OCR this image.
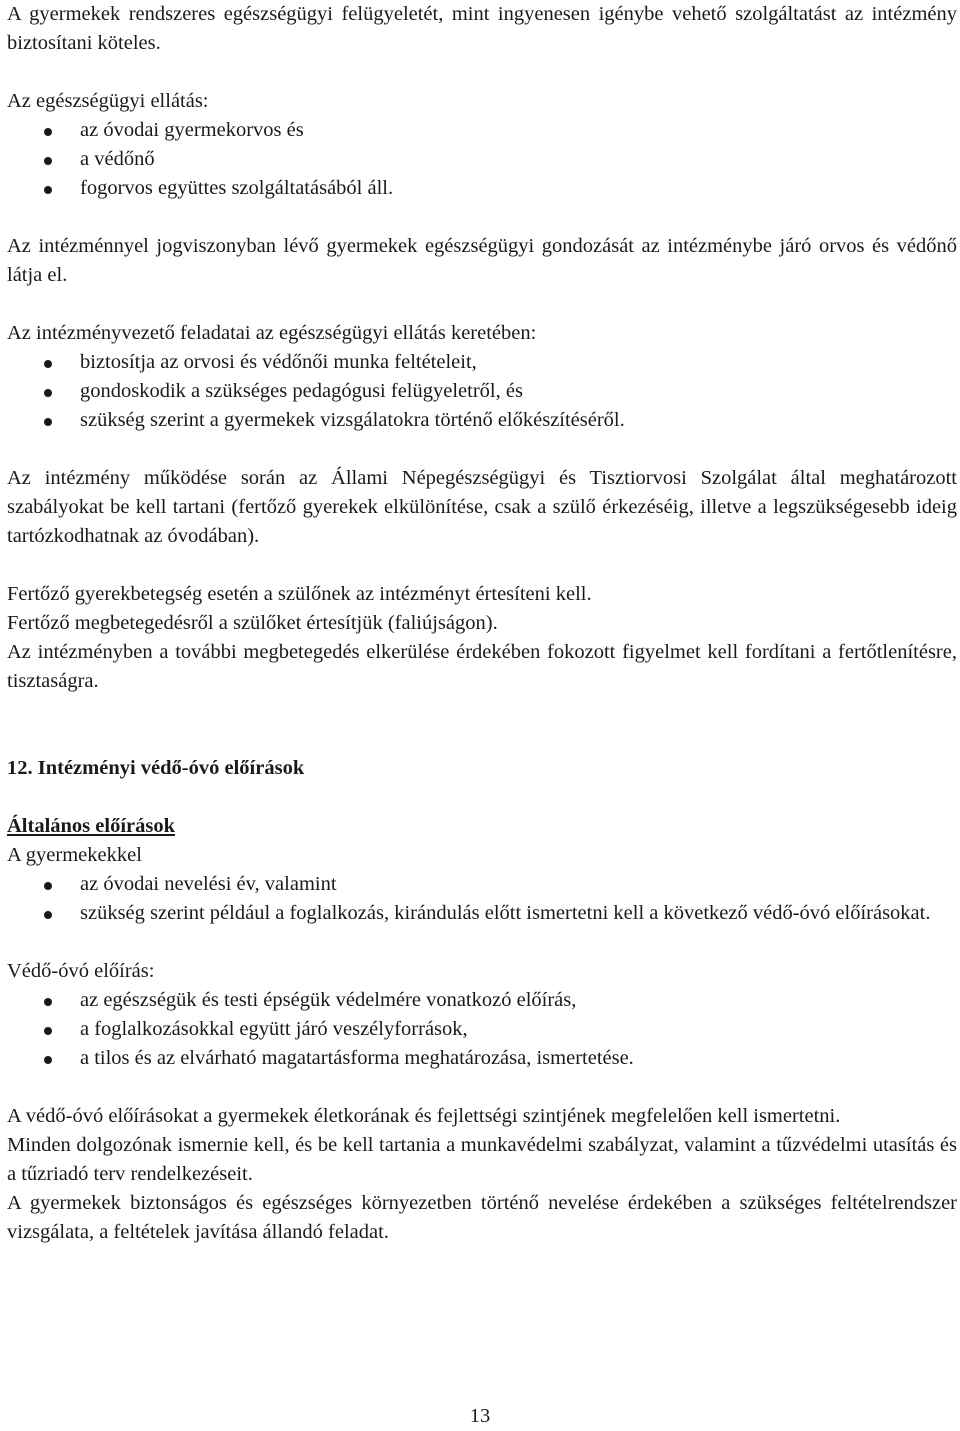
A gyermekek rendszeres egészségügyi felügyeletét, mint ingyenesen igénybe vehető szolgáltatást az intézmény biztosítani köteles.

Az egészségügyi ellátás:

az óvodai gyermekorvos és
a védőnő
fogorvos együttes szolgáltatásából áll.

Az intézménnyel jogviszonyban lévő gyermekek egészségügyi gondozását az intézménybe járó orvos és védőnő látja el.

Az intézményvezető feladatai az egészségügyi ellátás keretében:

biztosítja az orvosi és védőnői munka feltételeit,
gondoskodik a szükséges pedagógusi felügyeletről, és
szükség szerint a gyermekek vizsgálatokra történő előkészítéséről.

Az intézmény működése során az Állami Népegészségügyi és Tisztiorvosi Szolgálat által meghatározott szabályokat be kell tartani (fertőző gyerekek elkülönítése, csak a szülő érkezéséig, illetve a legszükségesebb ideig tartózkodhatnak az óvodában).

Fertőző gyerekbetegség esetén a szülőnek az intézményt értesíteni kell.

Fertőző megbetegedésről a szülőket értesítjük (faliújságon).

Az intézményben a további megbetegedés elkerülése érdekében fokozott figyelmet kell fordítani a fertőtlenítésre, tisztaságra.

12. Intézményi védő-óvó előírások

Általános előírások

A gyermekekkel

az óvodai nevelési év, valamint
szükség szerint például a foglalkozás, kirándulás előtt ismertetni kell a következő védő-óvó előírásokat.

Védő-óvó előírás:

az egészségük és testi épségük védelmére vonatkozó előírás,
a foglalkozásokkal együtt járó veszélyforrások,
a tilos és az elvárható magatartásforma meghatározása, ismertetése.

A védő-óvó előírásokat a gyermekek életkorának és fejlettségi szintjének megfelelően kell ismertetni.

Minden dolgozónak ismernie kell, és be kell tartania a munkavédelmi szabályzat, valamint a tűzvédelmi utasítás és a tűzriadó terv rendelkezéseit.

A gyermekek biztonságos és egészséges környezetben történő nevelése érdekében a szükséges feltételrendszer vizsgálata, a feltételek javítása állandó feladat.

13
